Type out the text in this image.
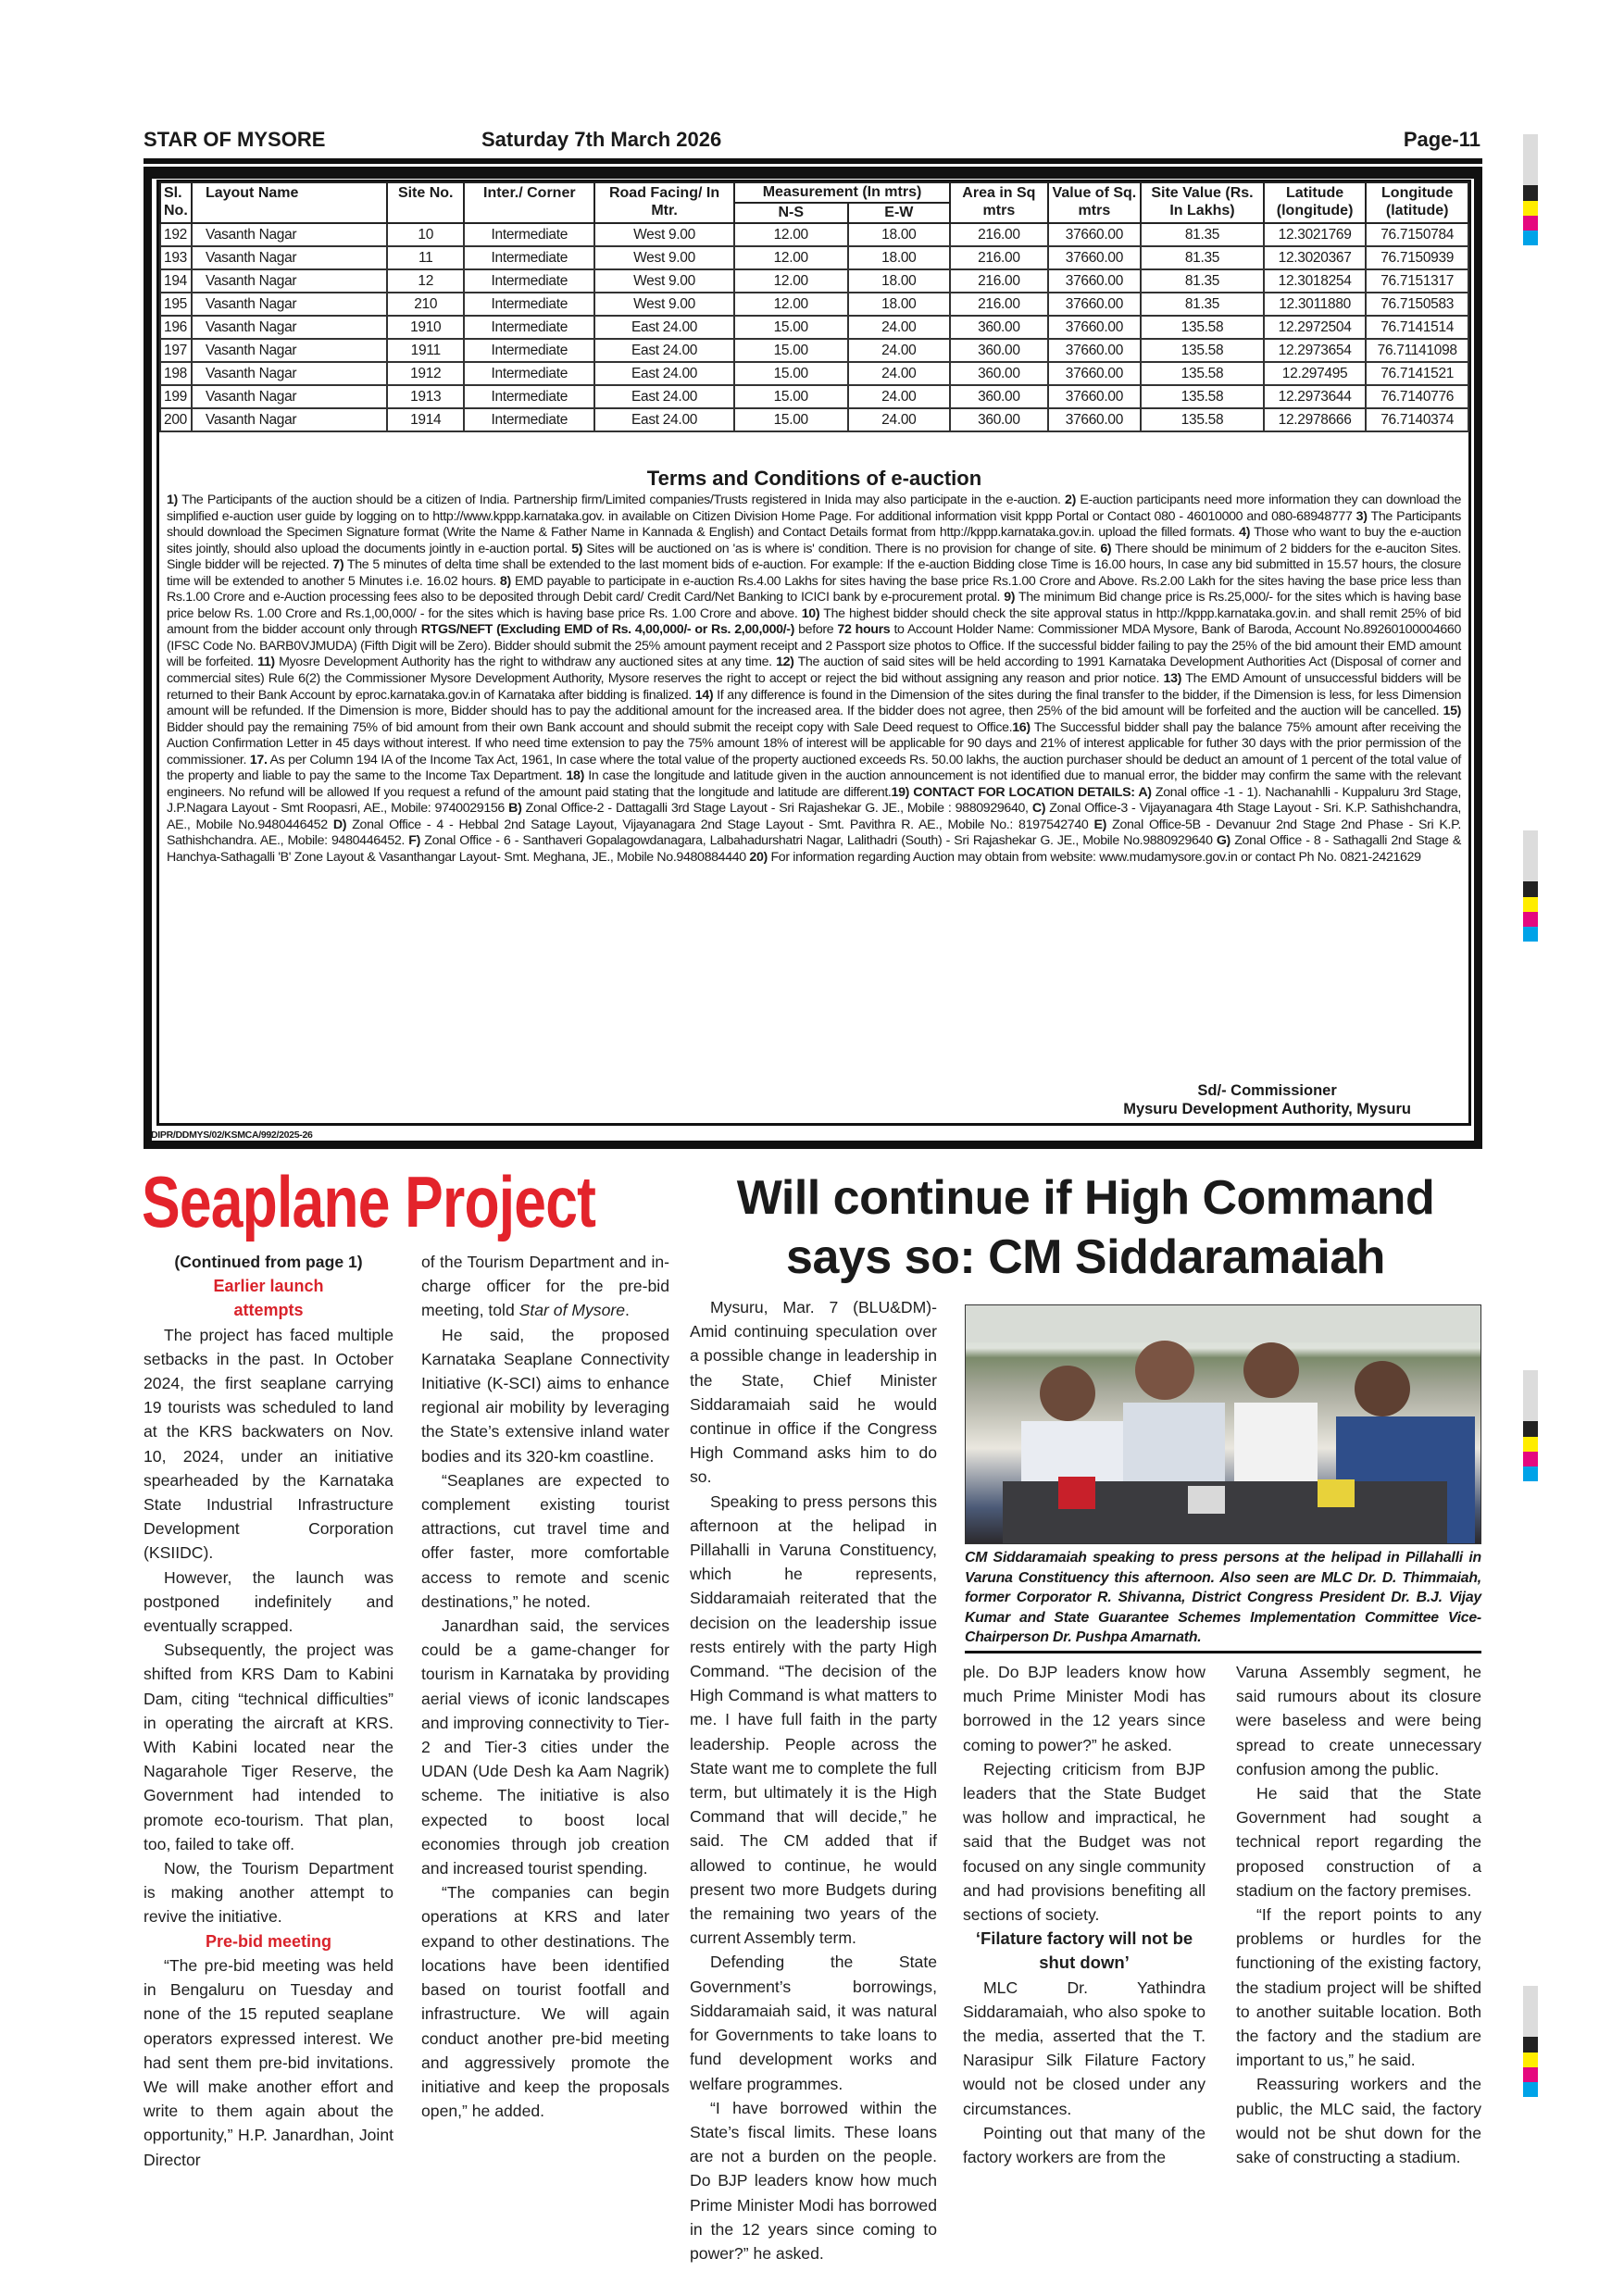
STAR OF MYSORE	Saturday 7th March 2026	Page-11
Sl. No.	Layout Name	Site No.	Inter./ Corner	Road Facing/ In Mtr.	Measurement (In mtrs)		Area in Sq mtrs	Value of Sq. mtrs	Site Value (Rs. In Lakhs)	Latitude (longitude)	Longitude (latitude)
					N-S	E-W					
192	Vasanth Nagar	10	Intermediate	West 9.00	12.00	18.00	216.00	37660.00	81.35	12.3021769	76.7150784
193	Vasanth Nagar	11	Intermediate	West 9.00	12.00	18.00	216.00	37660.00	81.35	12.3020367	76.7150939
194	Vasanth Nagar	12	Intermediate	West 9.00	12.00	18.00	216.00	37660.00	81.35	12.3018254	76.7151317
195	Vasanth Nagar	210	Intermediate	West 9.00	12.00	18.00	216.00	37660.00	81.35	12.3011880	76.7150583
196	Vasanth Nagar	1910	Intermediate	East 24.00	15.00	24.00	360.00	37660.00	135.58	12.2972504	76.7141514
197	Vasanth Nagar	1911	Intermediate	East 24.00	15.00	24.00	360.00	37660.00	135.58	12.2973654	76.71141098
198	Vasanth Nagar	1912	Intermediate	East 24.00	15.00	24.00	360.00	37660.00	135.58	12.297495	76.7141521
199	Vasanth Nagar	1913	Intermediate	East 24.00	15.00	24.00	360.00	37660.00	135.58	12.2973644	76.7140776
200	Vasanth Nagar	1914	Intermediate	East 24.00	15.00	24.00	360.00	37660.00	135.58	12.2978666	76.7140374
Terms and Conditions of e-auction
1) The Participants of the auction should be a citizen of India. Partnership firm/Limited companies/Trusts registered in Inida may also participate in the e-auction. 2) E-auction participants need more information they can download the simplified e-auction user guide by logging on to http://www.kppp.karnataka.gov. in available on Citizen Division Home Page. For additional information visit kppp Portal or Contact 080 - 46010000 and 080-68948777 3) The Participants should download the Specimen Signature format (Write the Name & Father Name in Kannada & English) and Contact Details format from http://kppp.karnataka.gov.in. upload the filled formats. 4) Those who want to buy the e-auction sites jointly, should also upload the documents jointly in e-auction portal. 5) Sites will be auctioned on 'as is where is' condition. There is no provision for change of site. 6) There should be minimum of 2 bidders for the e-auciton Sites. Single bidder will be rejected. 7) The 5 minutes of delta time shall be extended to the last moment bids of e-auction. For example: If the e-auction Bidding close Time is 16.00 hours, In case any bid submitted in 15.57 hours, the closure time will be extended to another 5 Minutes i.e. 16.02 hours. 8) EMD payable to participate in e-auction Rs.4.00 Lakhs for sites having the base price Rs.1.00 Crore and Above. Rs.2.00 Lakh for the sites having the base price less than Rs.1.00 Crore and e-Auction processing fees also to be deposited through Debit card/ Credit Card/Net Banking to ICICI bank by e-procurement protal. 9) The minimum Bid change price is Rs.25,000/- for the sites which is having base price below Rs. 1.00 Crore and Rs.1,00,000/ - for the sites which is having base price Rs. 1.00 Crore and above. 10) The highest bidder should check the site approval status in http://kppp.karnataka.gov.in. and shall remit 25% of bid amount from the bidder account only through RTGS/NEFT (Excluding EMD of Rs. 4,00,000/- or Rs. 2,00,000/-) before 72 hours to Account Holder Name: Commissioner MDA Mysore, Bank of Baroda, Account No.89260100004660 (IFSC Code No. BARB0VJMUDA) (Fifth Digit will be Zero). Bidder should submit the 25% amount payment receipt and 2 Passport size photos to Office. If the successful bidder failing to pay the 25% of the bid amount their EMD amount will be forfeited. 11) Myosre Development Authority has the right to withdraw any auctioned sites at any time. 12) The auction of said sites will be held according to 1991 Karnataka Development Authorities Act (Disposal of corner and commercial sites) Rule 6(2) the Commissioner Mysore Development Authority, Mysore reserves the right to accept or reject the bid without assigning any reason and prior notice. 13) The EMD Amount of unsuccessful bidders will be returned to their Bank Account by eproc.karnataka.gov.in of Karnataka after bidding is finalized. 14) If any difference is found in the Dimension of the sites during the final transfer to the bidder, if the Dimension is less, for less Dimension amount will be refunded. If the Dimension is more, Bidder should has to pay the additional amount for the increased area. If the bidder does not agree, then 25% of the bid amount will be forfeited and the auction will be cancelled. 15) Bidder should pay the remaining 75% of bid amount from their own Bank account and should submit the receipt copy with Sale Deed request to Office.16) The Successful bidder shall pay the balance 75% amount after receiving the Auction Confirmation Letter in 45 days without interest. If who need time extension to pay the 75% amount 18% of interest will be applicable for 90 days and 21% of interest applicable for futher 30 days with the prior permission of the commissioner. 17. As per Column 194 IA of the Income Tax Act, 1961, In case where the total value of the property auctioned exceeds Rs. 50.00 lakhs, the auction purchaser should be deduct an amount of 1 percent of the total value of the property and liable to pay the same to the Income Tax Department. 18) In case the longitude and latitude given in the auction announcement is not identified due to manual error, the bidder may confirm the same with the relevant engineers. No refund will be allowed If you request a refund of the amount paid stating that the longitude and latitude are different.19) CONTACT FOR LOCATION DETAILS: A) Zonal office -1 - 1). Nachanahlli - Kuppaluru 3rd Stage, J.P.Nagara Layout - Smt Roopasri, AE., Mobile: 9740029156 B) Zonal Office-2 - Dattagalli 3rd Stage Layout - Sri Rajashekar G. JE., Mobile : 9880929640, C) Zonal Office-3 - Vijayanagara 4th Stage Layout - Sri. K.P. Sathishchandra, AE., Mobile No.9480446452 D) Zonal Office - 4 - Hebbal 2nd Satage Layout, Vijayanagara 2nd Stage Layout - Smt. Pavithra R. AE., Mobile No.: 8197542740 E) Zonal Office-5B - Devanuur 2nd Stage 2nd Phase - Sri K.P. Sathishchandra. AE., Mobile: 9480446452. F) Zonal Office - 6 - Santhaveri Gopalagowdanagara, Lalbahadurshatri Nagar, Lalithadri (South) - Sri Rajashekar G. JE., Mobile No.9880929640 G) Zonal Office - 8 - Sathagalli 2nd Stage & Hanchya-Sathagalli 'B' Zone Layout & Vasanthangar Layout- Smt. Meghana, JE., Mobile No.9480884440 20) For information regarding Auction may obtain from website: www.mudamysore.gov.in or contact Ph No. 0821-2421629
Sd/- Commissioner
Mysuru Development Authority, Mysuru
DIPR/DDMYS/02/KSMCA/992/2025-26
Seaplane Project

(Continued from page 1)

Earlier launch attempts

The project has faced multiple setbacks in the past. In October 2024, the first seaplane carrying 19 tourists was scheduled to land at the KRS backwaters on Nov. 10, 2024, under an initiative spearheaded by the Karnataka State Industrial Infrastructure Development Corporation (KSIIDC).

However, the launch was postponed indefinitely and eventually scrapped.

Subsequently, the project was shifted from KRS Dam to Kabini Dam, citing “technical difficulties” in operating the aircraft at KRS. With Kabini located near the Nagarahole Tiger Reserve, the Government had intended to promote eco-tourism. That plan, too, failed to take off.

Now, the Tourism Department is making another attempt to revive the initiative.

Pre-bid meeting

“The pre-bid meeting was held in Bengaluru on Tuesday and none of the 15 reputed seaplane operators expressed interest. We had sent them pre-bid invitations. We will make another effort and write to them again about the opportunity,” H.P. Janardhan, Joint Director

of the Tourism Department and in-charge officer for the pre-bid meeting, told Star of Mysore.

He said, the proposed Karnataka Seaplane Connectivity Initiative (K-SCI) aims to enhance regional air mobility by leveraging the State’s extensive inland water bodies and its 320-km coastline.

“Seaplanes are expected to complement existing tourist attractions, cut travel time and offer faster, more comfortable access to remote and scenic destinations,” he noted.

Janardhan said, the services could be a game-changer for tourism in Karnataka by providing aerial views of iconic landscapes and improving connectivity to Tier-2 and Tier-3 cities under the UDAN (Ude Desh ka Aam Nagrik) scheme. The initiative is also expected to boost local economies through job creation and increased tourist spending.

“The companies can begin operations at KRS and later expand to other destinations. The locations have been identified based on tourist footfall and infrastructure. We will again conduct another pre-bid meeting and aggressively promote the initiative and keep the proposals open,” he added.

Will continue if High Command says so: CM Siddaramaiah

Mysuru, Mar. 7 (BLU&DM)- Amid continuing speculation over a possible change in leadership in the State, Chief Minister Siddaramaiah said he would continue in office if the Congress High Command asks him to do so.

Speaking to press persons this afternoon at the helipad in Pillahalli in Varuna Constituency, which he represents, Siddaramaiah reiterated that the decision on the leadership issue rests entirely with the party High Command. “The decision of the High Command is what matters to me. I have full faith in the party leadership. People across the State want me to complete the full term, but ultimately it is the High Command that will decide,” he said. The CM added that if allowed to continue, he would present two more Budgets during the remaining two years of the current Assembly term.

Defending the State Government’s borrowings, Siddaramaiah said, it was natural for Governments to take loans to fund development works and welfare programmes.

“I have borrowed within the State’s fiscal limits. These loans are not a burden on the people. Do BJP leaders know how much Prime Minister Modi has borrowed in the 12 years since coming to power?” he asked.

CM Siddaramaiah speaking to press persons at the helipad in Pillahalli in Varuna Constituency this afternoon. Also seen are MLC Dr. D. Thimmaiah, former Corporator R. Shivanna, District Congress President Dr. B.J. Vijay Kumar and State Guarantee Schemes Implementation Committee Vice-Chairperson Dr. Pushpa Amarnath.

ple. Do BJP leaders know how much Prime Minister Modi has borrowed in the 12 years since coming to power?” he asked.

Rejecting criticism from BJP leaders that the State Budget was hollow and impractical, he said that the Budget was not focused on any single community and had provisions benefiting all sections of society.

‘Filature factory will not be shut down’

MLC Dr. Yathindra Siddaramaiah, who also spoke to the media, asserted that the T. Narasipur Silk Filature Factory would not be closed under any circumstances.

Pointing out that many of the factory workers are from the

Varuna Assembly segment, he said rumours about its closure were baseless and were being spread to create unnecessary confusion among the public.

He said that the State Government had sought a technical report regarding the proposed construction of a stadium on the factory premises.

“If the report points to any problems or hurdles for the functioning of the existing factory, the stadium project will be shifted to another suitable location. Both the factory and the stadium are important to us,” he said.

Reassuring workers and the public, the MLC said, the factory would not be shut down for the sake of constructing a stadium.
